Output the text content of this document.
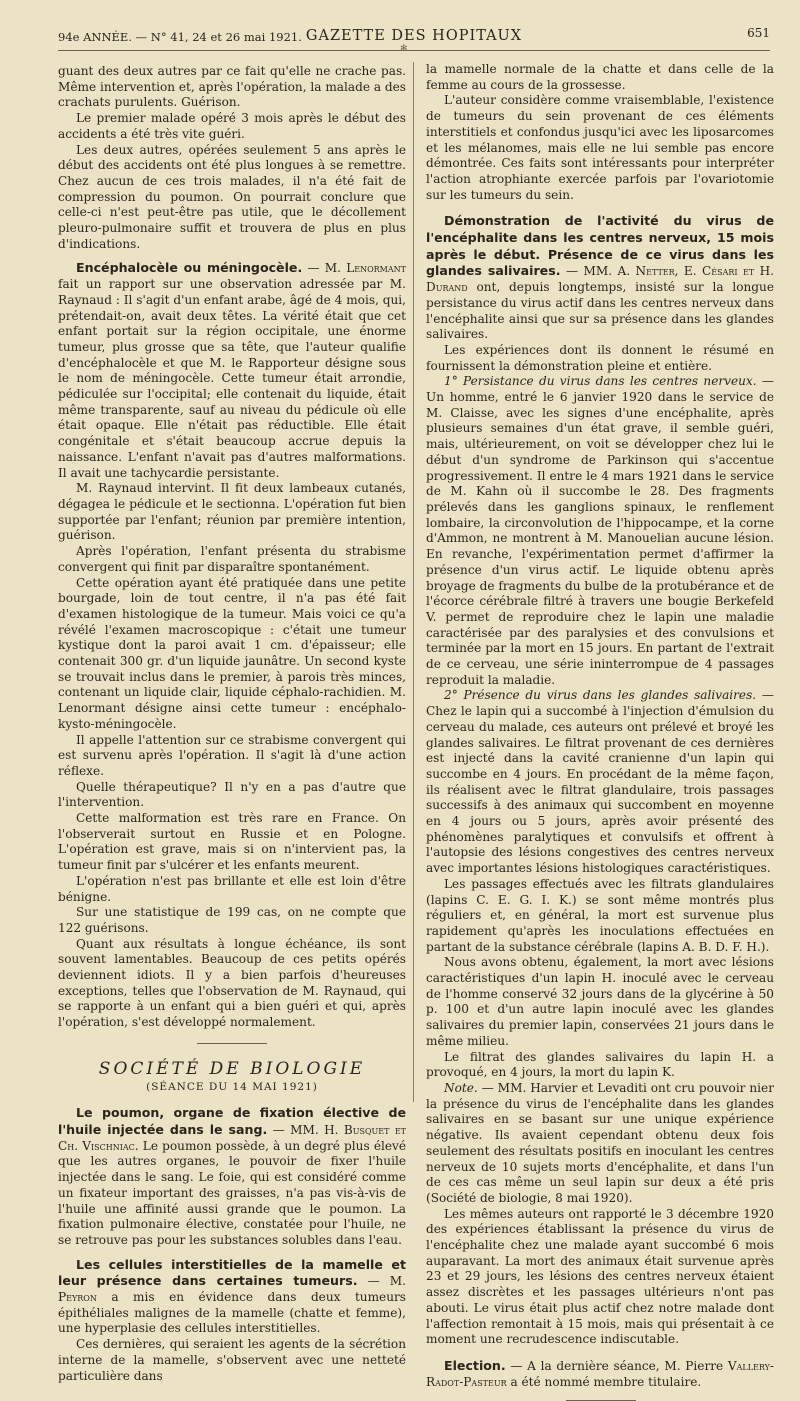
94e ANNÉE. — N° 41, 24 et 26 mai 1921. GAZETTE DES HOPITAUX	651
✻

guant des deux autres par ce fait qu'elle ne crache pas. Même intervention et, après l'opération, la malade a des crachats purulents. Guérison.

Le premier malade opéré 3 mois après le début des accidents a été très vite guéri.

Les deux autres, opérées seulement 5 ans après le début des accidents ont été plus longues à se remettre. Chez aucun de ces trois malades, il n'a été fait de compression du poumon. On pourrait conclure que celle-ci n'est peut-être pas utile, que le décollement pleuro-pulmonaire suffit et trouvera de plus en plus d'indications.

Encéphalocèle ou méningocèle. — M. Lenormant fait un rapport sur une observation adressée par M. Raynaud : Il s'agit d'un enfant arabe, âgé de 4 mois, qui, prétendait-on, avait deux têtes. La vérité était que cet enfant portait sur la région occipitale, une énorme tumeur, plus grosse que sa tête, que l'auteur qualifie d'encéphalocèle et que M. le Rapporteur désigne sous le nom de méningocèle. Cette tumeur était arrondie, pédiculée sur l'occipital; elle contenait du liquide, était même transparente, sauf au niveau du pédicule où elle était opaque. Elle n'était pas réductible. Elle était congénitale et s'était beaucoup accrue depuis la naissance. L'enfant n'avait pas d'autres malformations. Il avait une tachycardie persistante.

M. Raynaud intervint. Il fit deux lambeaux cutanés, dégagea le pédicule et le sectionna. L'opération fut bien supportée par l'enfant; réunion par première intention, guérison.

Après l'opération, l'enfant présenta du strabisme convergent qui finit par disparaître spontanément.

Cette opération ayant été pratiquée dans une petite bourgade, loin de tout centre, il n'a pas été fait d'examen histologique de la tumeur. Mais voici ce qu'a révélé l'examen macroscopique : c'était une tumeur kystique dont la paroi avait 1 cm. d'épaisseur; elle contenait 300 gr. d'un liquide jaunâtre. Un second kyste se trouvait inclus dans le premier, à parois très minces, contenant un liquide clair, liquide céphalo-rachidien. M. Lenormant désigne ainsi cette tumeur : encéphalo-kysto-méningocèle.

Il appelle l'attention sur ce strabisme convergent qui est survenu après l'opération. Il s'agit là d'une action réflexe.

Quelle thérapeutique? Il n'y en a pas d'autre que l'intervention.

Cette malformation est très rare en France. On l'observerait surtout en Russie et en Pologne. L'opération est grave, mais si on n'intervient pas, la tumeur finit par s'ulcérer et les enfants meurent.

L'opération n'est pas brillante et elle est loin d'être bénigne.

Sur une statistique de 199 cas, on ne compte que 122 guérisons.

Quant aux résultats à longue échéance, ils sont souvent lamentables. Beaucoup de ces petits opérés deviennent idiots. Il y a bien parfois d'heureuses exceptions, telles que l'observation de M. Raynaud, qui se rapporte à un enfant qui a bien guéri et qui, après l'opération, s'est développé normalement.

SOCIÉTÉ DE BIOLOGIE
(SÉANCE DU 14 MAI 1921)

Le poumon, organe de fixation élective de l'huile injectée dans le sang. — MM. H. Busquet et Ch. Vischniac. Le poumon possède, à un degré plus élevé que les autres organes, le pouvoir de fixer l'huile injectée dans le sang. Le foie, qui est considéré comme un fixateur important des graisses, n'a pas vis-à-vis de l'huile une affinité aussi grande que le poumon. La fixation pulmonaire élective, constatée pour l'huile, ne se retrouve pas pour les substances solubles dans l'eau.

Les cellules interstitielles de la mamelle et leur présence dans certaines tumeurs. — M. Peyron a mis en évidence dans deux tumeurs épithéliales malignes de la mamelle (chatte et femme), une hyperplasie des cellules interstitielles.

Ces dernières, qui seraient les agents de la sécrétion interne de la mamelle, s'observent avec une netteté particulière dans

la mamelle normale de la chatte et dans celle de la femme au cours de la grossesse.

L'auteur considère comme vraisemblable, l'existence de tumeurs du sein provenant de ces éléments interstitiels et confondus jusqu'ici avec les liposarcomes et les mélanomes, mais elle ne lui semble pas encore démontrée. Ces faits sont intéressants pour interpréter l'action atrophiante exercée parfois par l'ovariotomie sur les tumeurs du sein.

Démonstration de l'activité du virus de l'encéphalite dans les centres nerveux, 15 mois après le début. Présence de ce virus dans les glandes salivaires. — MM. A. Netter, E. Césari et H. Durand ont, depuis longtemps, insisté sur la longue persistance du virus actif dans les centres nerveux dans l'encéphalite ainsi que sur sa présence dans les glandes salivaires.

Les expériences dont ils donnent le résumé en fournissent la démonstration pleine et entière.

1° Persistance du virus dans les centres nerveux. — Un homme, entré le 6 janvier 1920 dans le service de M. Claisse, avec les signes d'une encéphalite, après plusieurs semaines d'un état grave, il semble guéri, mais, ultérieurement, on voit se développer chez lui le début d'un syndrome de Parkinson qui s'accentue progressivement. Il entre le 4 mars 1921 dans le service de M. Kahn où il succombe le 28. Des fragments prélevés dans les ganglions spinaux, le renflement lombaire, la circonvolution de l'hippocampe, et la corne d'Ammon, ne montrent à M. Manouelian aucune lésion. En revanche, l'expérimentation permet d'affirmer la présence d'un virus actif. Le liquide obtenu après broyage de fragments du bulbe de la protubérance et de l'écorce cérébrale filtré à travers une bougie Berkefeld V. permet de reproduire chez le lapin une maladie caractérisée par des paralysies et des convulsions et terminée par la mort en 15 jours. En partant de l'extrait de ce cerveau, une série ininterrompue de 4 passages reproduit la maladie.

2° Présence du virus dans les glandes salivaires. — Chez le lapin qui a succombé à l'injection d'émulsion du cerveau du malade, ces auteurs ont prélevé et broyé les glandes salivaires. Le filtrat provenant de ces dernières est injecté dans la cavité cranienne d'un lapin qui succombe en 4 jours. En procédant de la même façon, ils réalisent avec le filtrat glandulaire, trois passages successifs à des animaux qui succombent en moyenne en 4 jours ou 5 jours, après avoir présenté des phénomènes paralytiques et convulsifs et offrent à l'autopsie des lésions congestives des centres nerveux avec importantes lésions histologiques caractéristiques.

Les passages effectués avec les filtrats glandulaires (lapins C. E. G. I. K.) se sont même montrés plus réguliers et, en général, la mort est survenue plus rapidement qu'après les inoculations effectuées en partant de la substance cérébrale (lapins A. B. D. F. H.).

Nous avons obtenu, également, la mort avec lésions caractéristiques d'un lapin H. inoculé avec le cerveau de l'homme conservé 32 jours dans de la glycérine à 50 p. 100 et d'un autre lapin inoculé avec les glandes salivaires du premier lapin, conservées 21 jours dans le même milieu.

Le filtrat des glandes salivaires du lapin H. a provoqué, en 4 jours, la mort du lapin K.

Note. — MM. Harvier et Levaditi ont cru pouvoir nier la présence du virus de l'encéphalite dans les glandes salivaires en se basant sur une unique expérience négative. Ils avaient cependant obtenu deux fois seulement des résultats positifs en inoculant les centres nerveux de 10 sujets morts d'encéphalite, et dans l'un de ces cas même un seul lapin sur deux a été pris (Société de biologie, 8 mai 1920).

Les mêmes auteurs ont rapporté le 3 décembre 1920 des expériences établissant la présence du virus de l'encéphalite chez une malade ayant succombé 6 mois auparavant. La mort des animaux était survenue après 23 et 29 jours, les lésions des centres nerveux étaient assez discrètes et les passages ultérieurs n'ont pas abouti. Le virus était plus actif chez notre malade dont l'affection remontait à 15 mois, mais qui présentait à ce moment une recrudescence indiscutable.

Election. — A la dernière séance, M. Pierre Vallery-Radot-Pasteur a été nommé membre titulaire.
